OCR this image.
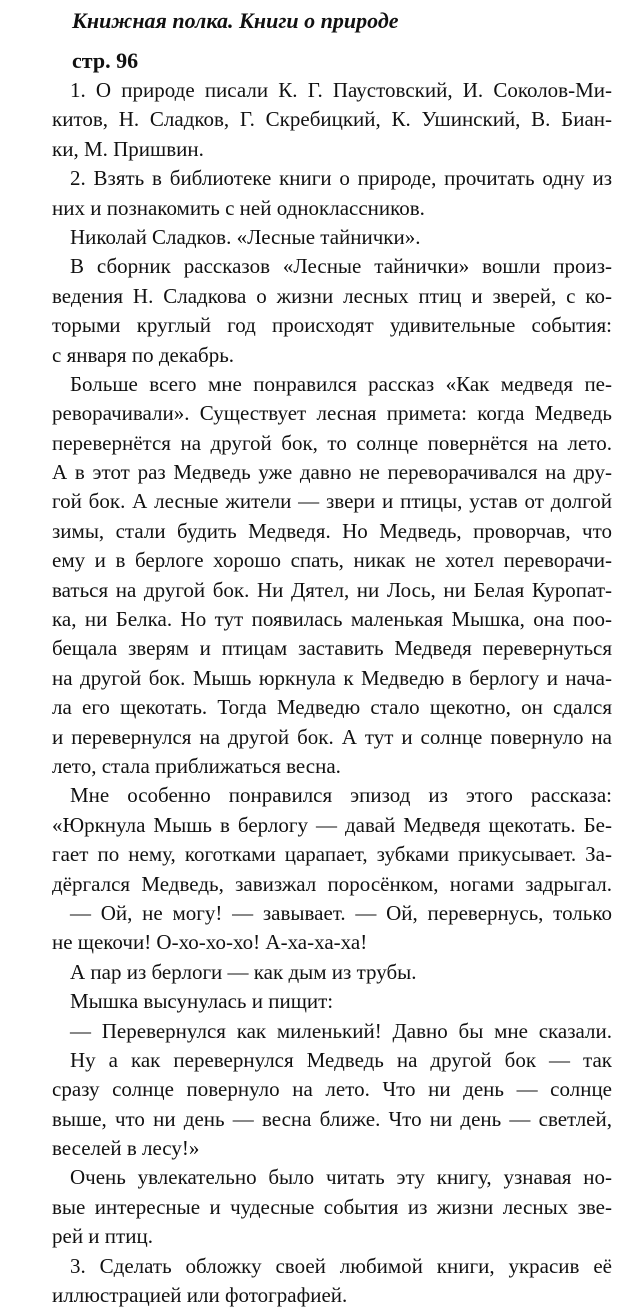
Книжная полка. Книги о природе
стр. 96
1. О природе писали К. Г. Паустовский, И. Соколов-Ми-
китов, Н. Сладков, Г. Скребицкий, К. Ушинский, В. Биан-
ки, М. Пришвин.
2. Взять в библиотеке книги о природе, прочитать одну из
них и познакомить с ней одноклассников.
Николай Сладков. «Лесные тайнички».
В сборник рассказов «Лесные тайнички» вошли произ-
ведения Н. Сладкова о жизни лесных птиц и зверей, с ко-
торыми круглый год происходят удивительные события:
с января по декабрь.
Больше всего мне понравился рассказ «Как медведя пе-
реворачивали». Существует лесная примета: когда Медведь
перевернётся на другой бок, то солнце повернётся на лето.
А в этот раз Медведь уже давно не переворачивался на дру-
гой бок. А лесные жители — звери и птицы, устав от долгой
зимы, стали будить Медведя. Но Медведь, проворчав, что
ему и в берлоге хорошо спать, никак не хотел переворачи-
ваться на другой бок. Ни Дятел, ни Лось, ни Белая Куропат-
ка, ни Белка. Но тут появилась маленькая Мышка, она поо-
бещала зверям и птицам заставить Медведя перевернуться
на другой бок. Мышь юркнула к Медведю в берлогу и нача-
ла его щекотать. Тогда Медведю стало щекотно, он сдался
и перевернулся на другой бок. А тут и солнце повернуло на
лето, стала приближаться весна.
Мне особенно понравился эпизод из этого рассказа:
«Юркнула Мышь в берлогу — давай Медведя щекотать. Бе-
гает по нему, коготками царапает, зубками прикусывает. За-
дёргался Медведь, завизжал поросёнком, ногами задрыгал.
— Ой, не могу! — завывает. — Ой, перевернусь, только
не щекочи! О-хо-хо-хо! А-ха-ха-ха!
А пар из берлоги — как дым из трубы.
Мышка высунулась и пищит:
— Перевернулся как миленький! Давно бы мне сказали.
Ну а как перевернулся Медведь на другой бок — так
сразу солнце повернуло на лето. Что ни день — солнце
выше, что ни день — весна ближе. Что ни день — светлей,
веселей в лесу!»
Очень увлекательно было читать эту книгу, узнавая но-
вые интересные и чудесные события из жизни лесных зве-
рей и птиц.
3. Сделать обложку своей любимой книги, украсив её
иллюстрацией или фотографией.
